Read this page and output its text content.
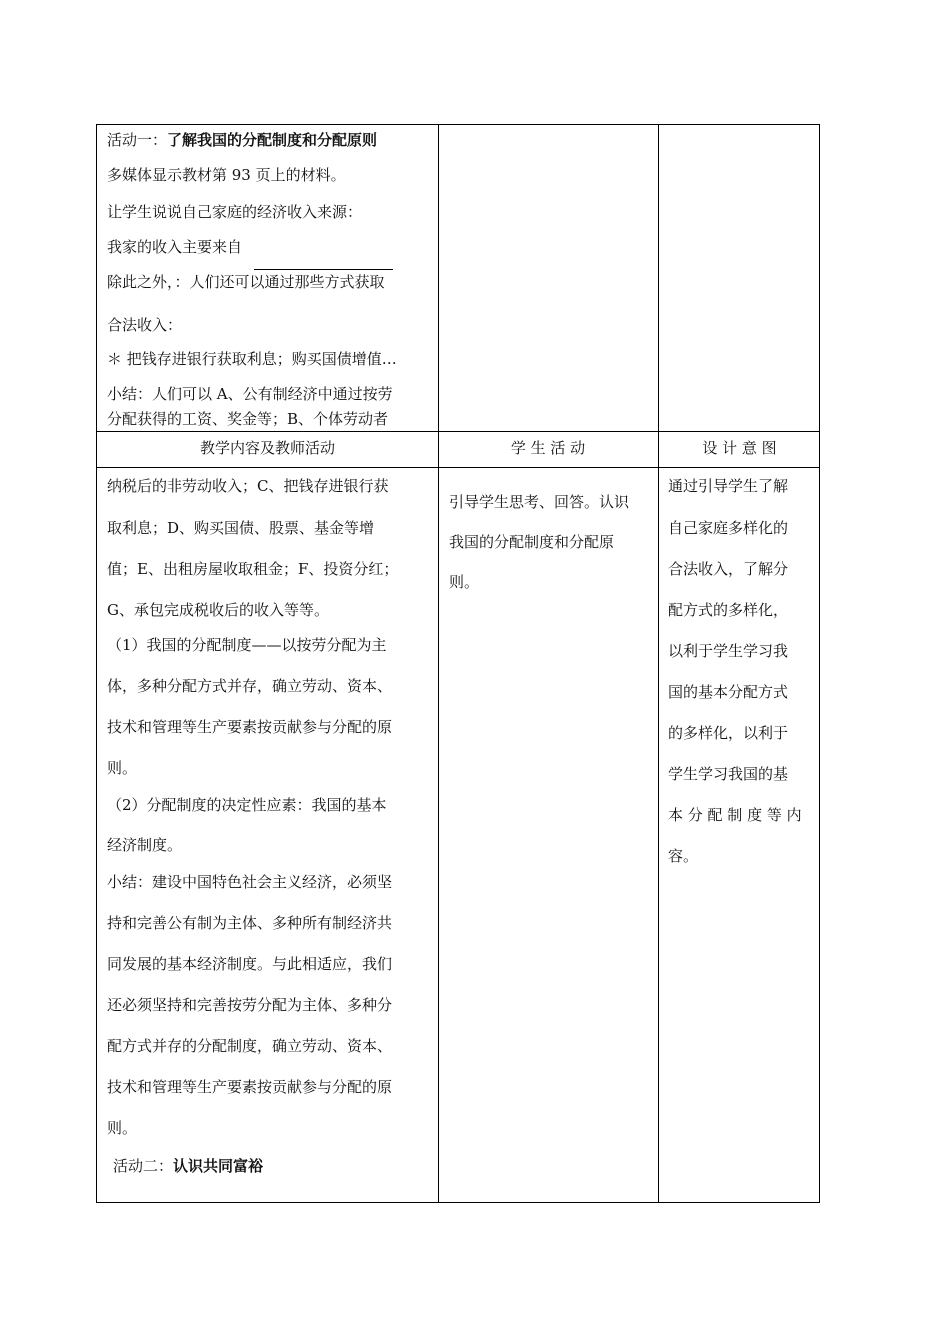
活动一：了解我国的分配制度和分配原则
多媒体显示教材第 93 页上的材料。
让学生说说自己家庭的经济收入来源：
我家的收入主要来自
除此之外，：人们还可以通过那些方式获取
合法收入：
＊ 把钱存进银行获取利息；购买国债增值…
小结：人们可以 A、公有制经济中通过按劳
分配获得的工资、奖金等；B、个体劳动者
教学内容及教师活动	学 生 活 动	设 计 意 图
纳税后的非劳动收入；C、把钱存进银行获
取利息；D、购买国债、股票、基金等增
值；E、出租房屋收取租金；F、投资分红；
G、承包完成税收后的收入等等。
（1）我国的分配制度——以按劳分配为主
体，多种分配方式并存，确立劳动、资本、
技术和管理等生产要素按贡献参与分配的原
则。
（2）分配制度的决定性应素：我国的基本
经济制度。
小结：建设中国特色社会主义经济，必须坚
持和完善公有制为主体、多种所有制经济共
同发展的基本经济制度。与此相适应，我们
还必须坚持和完善按劳分配为主体、多种分
配方式并存的分配制度，确立劳动、资本、
技术和管理等生产要素按贡献参与分配的原
则。
活动二：认识共同富裕
引导学生思考、回答。认识
我国的分配制度和分配原
则。
通过引导学生了解
自己家庭多样化的
合法收入，了解分
配方式的多样化，
以利于学生学习我
国的基本分配方式
的多样化，以利于
学生学习我国的基
本 分 配 制 度 等 内
容。
